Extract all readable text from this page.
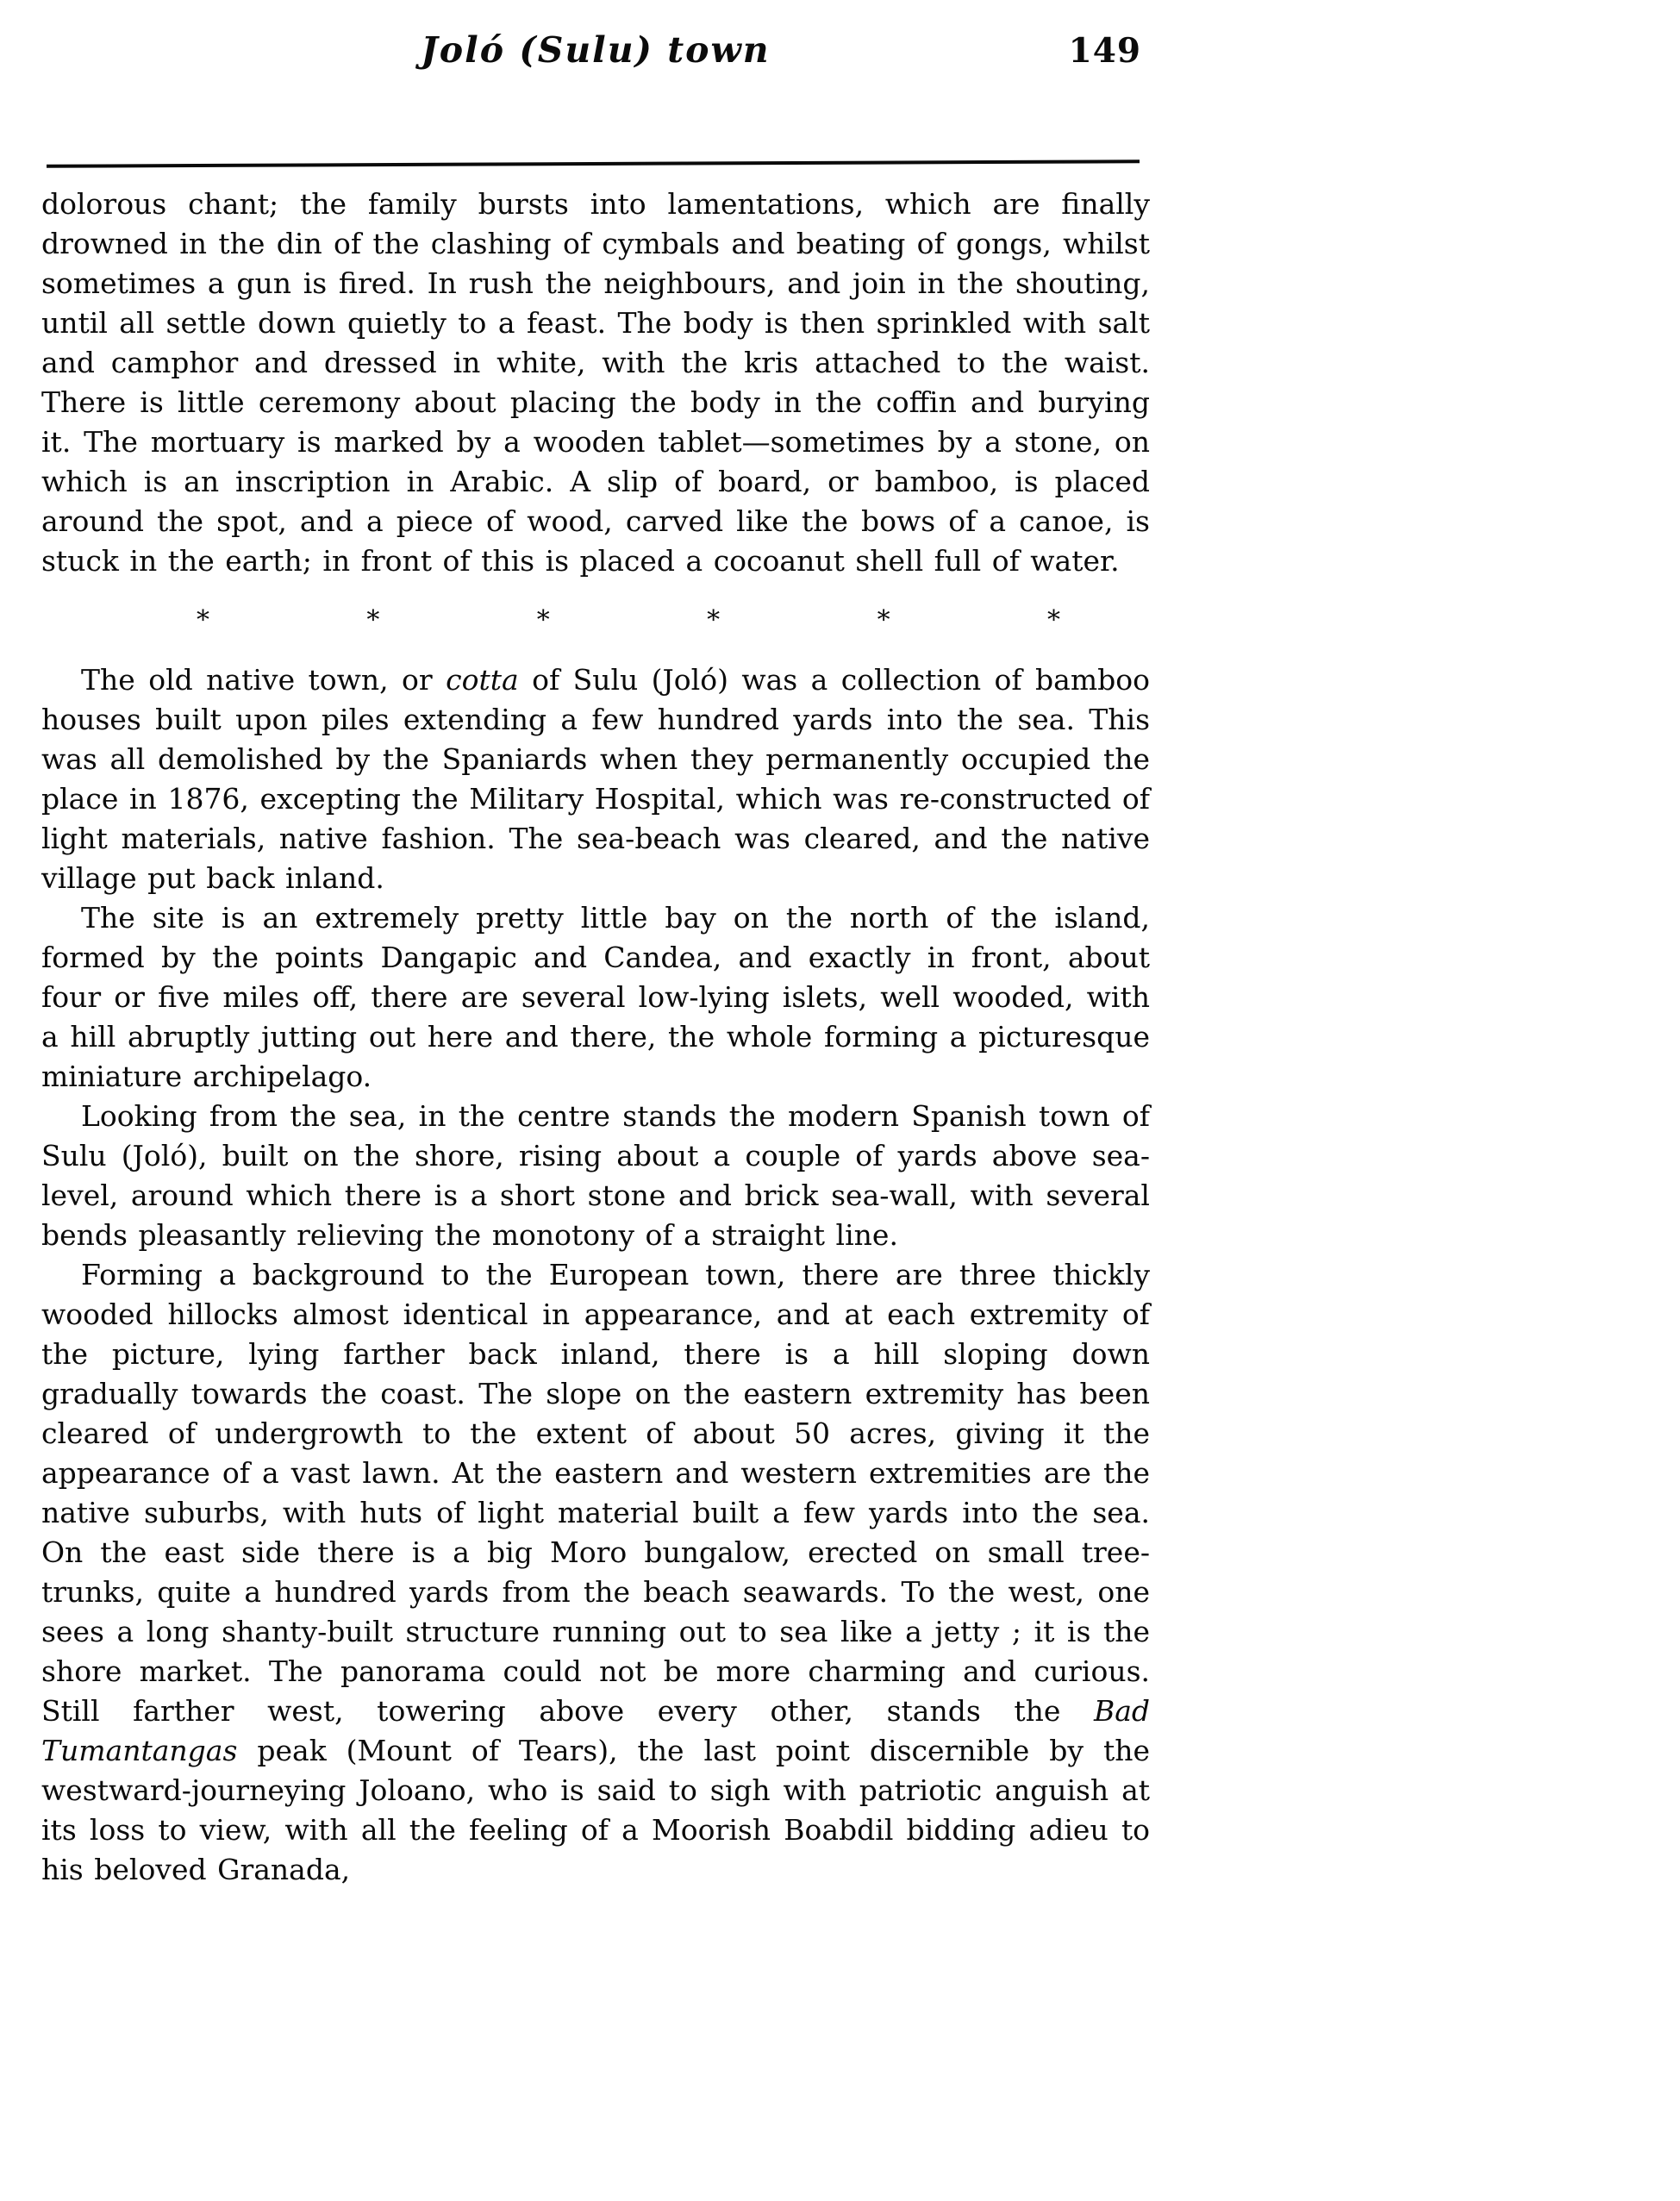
Joló (Sulu) town	149

dolorous chant; the family bursts into lamentations, which are finally drowned in the din of the clashing of cymbals and beating of gongs, whilst sometimes a gun is fired. In rush the neighbours, and join in the shouting, until all settle down quietly to a feast. The body is then sprinkled with salt and camphor and dressed in white, with the kris attached to the waist. There is little ceremony about placing the body in the coffin and burying it. The mortuary is marked by a wooden tablet—sometimes by a stone, on which is an inscription in Arabic. A slip of board, or bamboo, is placed around the spot, and a piece of wood, carved like the bows of a canoe, is stuck in the earth; in front of this is placed a cocoanut shell full of water.

*	*	*	*	*	*

The old native town, or cotta of Sulu (Joló) was a collection of bamboo houses built upon piles extending a few hundred yards into the sea. This was all demolished by the Spaniards when they permanently occupied the place in 1876, excepting the Military Hospital, which was re-constructed of light materials, native fashion. The sea-beach was cleared, and the native village put back inland.

The site is an extremely pretty little bay on the north of the island, formed by the points Dangapic and Candea, and exactly in front, about four or five miles off, there are several low-lying islets, well wooded, with a hill abruptly jutting out here and there, the whole forming a picturesque miniature archipelago.

Looking from the sea, in the centre stands the modern Spanish town of Sulu (Joló), built on the shore, rising about a couple of yards above sea-level, around which there is a short stone and brick sea-wall, with several bends pleasantly relieving the monotony of a straight line.

Forming a background to the European town, there are three thickly wooded hillocks almost identical in appearance, and at each extremity of the picture, lying farther back inland, there is a hill sloping down gradually towards the coast. The slope on the eastern extremity has been cleared of undergrowth to the extent of about 50 acres, giving it the appearance of a vast lawn. At the eastern and western extremities are the native suburbs, with huts of light material built a few yards into the sea. On the east side there is a big Moro bungalow, erected on small tree-trunks, quite a hundred yards from the beach seawards. To the west, one sees a long shanty-built structure running out to sea like a jetty ; it is the shore market. The panorama could not be more charming and curious. Still farther west, towering above every other, stands the Bad Tumantangas peak (Mount of Tears), the last point discernible by the westward-journeying Joloano, who is said to sigh with patriotic anguish at its loss to view, with all the feeling of a Moorish Boabdil bidding adieu to his beloved Granada,
